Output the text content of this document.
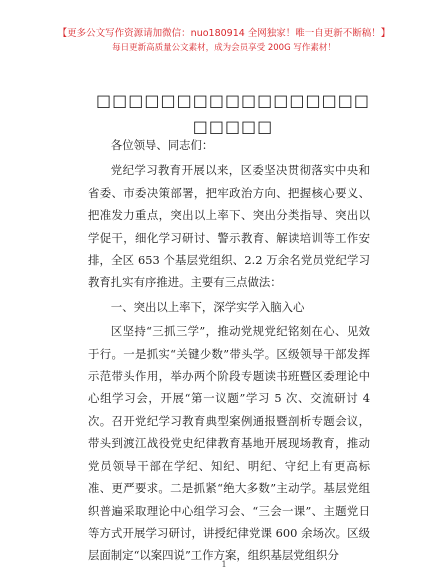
【更多公文写作资源请加微信：nuo180914 全网独家！唯一自更新不断稿！】
每日更新高质量公文素材，成为会员享受 200G 写作素材！
□□□□□□□□□□□□□□□□□□□□□□

各位领导、同志们：

党纪学习教育开展以来，区委坚决贯彻落实中央和省委、市委决策部署，把牢政治方向、把握核心要义、把准发力重点，突出以上率下、突出分类指导、突出以学促干，细化学习研讨、警示教育、解读培训等工作安排，全区 653 个基层党组织、2.2 万余名党员党纪学习教育扎实有序推进。主要有三点做法：

一、突出以上率下，深学实学入脑入心

区坚持“三抓三学”，推动党规党纪铭刻在心、见效于行。一是抓实“关键少数”带头学。区级领导干部发挥示范带头作用，举办两个阶段专题读书班暨区委理论中心组学习会，开展“第一议题”学习 5 次、交流研讨 4 次。召开党纪学习教育典型案例通报暨剖析专题会议，带头到渡江战役党史纪律教育基地开展现场教育，推动党员领导干部在学纪、知纪、明纪、守纪上有更高标准、更严要求。二是抓紧“绝大多数”主动学。基层党组织普遍采取理论中心组学习会、“三会一课”、主题党日等方式开展学习研讨，讲授纪律党课 600 余场次。区级层面制定“以案四说”工作方案，组织基层党组织分

1
